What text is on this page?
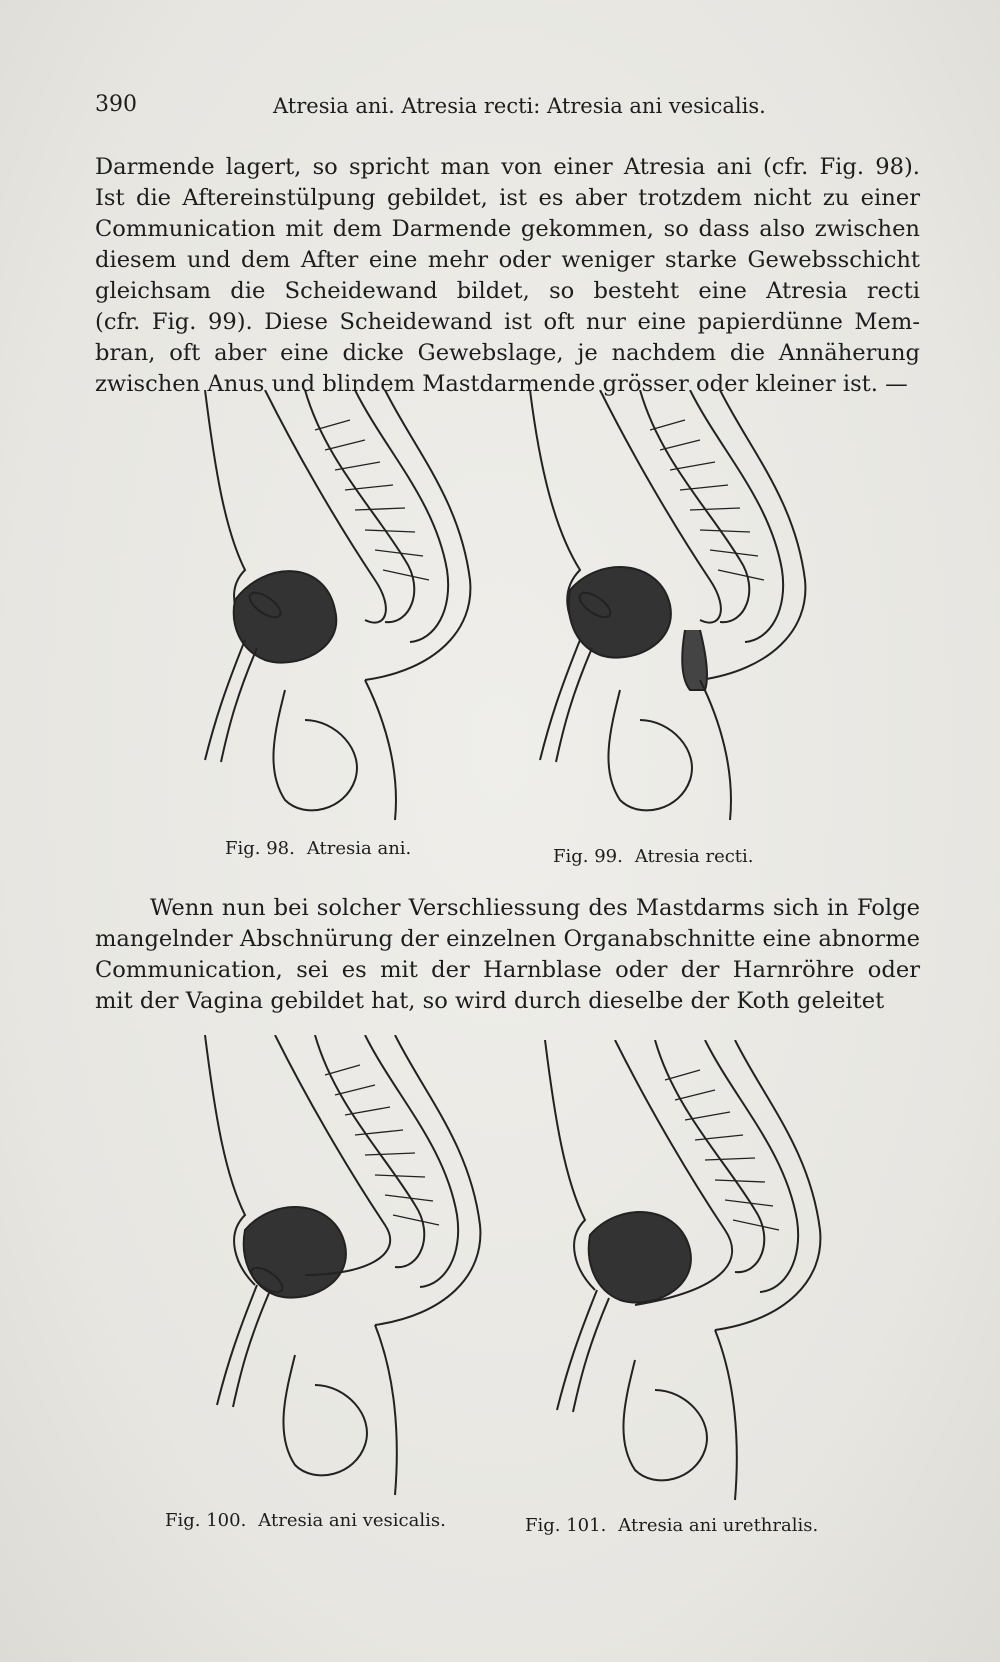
390	Atresia ani. Atresia recti: Atresia ani vesicalis.
Darmende lagert, so spricht man von einer Atresia ani (cfr. Fig. 98).
Ist die Aftereinstülpung gebildet, ist es aber trotzdem nicht zu einer
Communication mit dem Darmende gekommen, so dass also zwischen
diesem und dem After eine mehr oder weniger starke Gewebsschicht
gleichsam die Scheidewand bildet, so besteht eine Atresia recti
(cfr. Fig. 99). Diese Scheidewand ist oft nur eine papierdünne Mem-
bran, oft aber eine dicke Gewebslage, je nachdem die Annäherung
zwischen Anus und blindem Mastdarmende grösser oder kleiner ist. —
Fig. 98. Atresia ani.	Fig. 99. Atresia recti.
Wenn nun bei solcher Verschliessung des Mastdarms sich in Folge
mangelnder Abschnürung der einzelnen Organabschnitte eine abnorme
Communication, sei es mit der Harnblase oder der Harnröhre oder
mit der Vagina gebildet hat, so wird durch dieselbe der Koth geleitet
Fig. 100. Atresia ani vesicalis.	Fig. 101. Atresia ani urethralis.
